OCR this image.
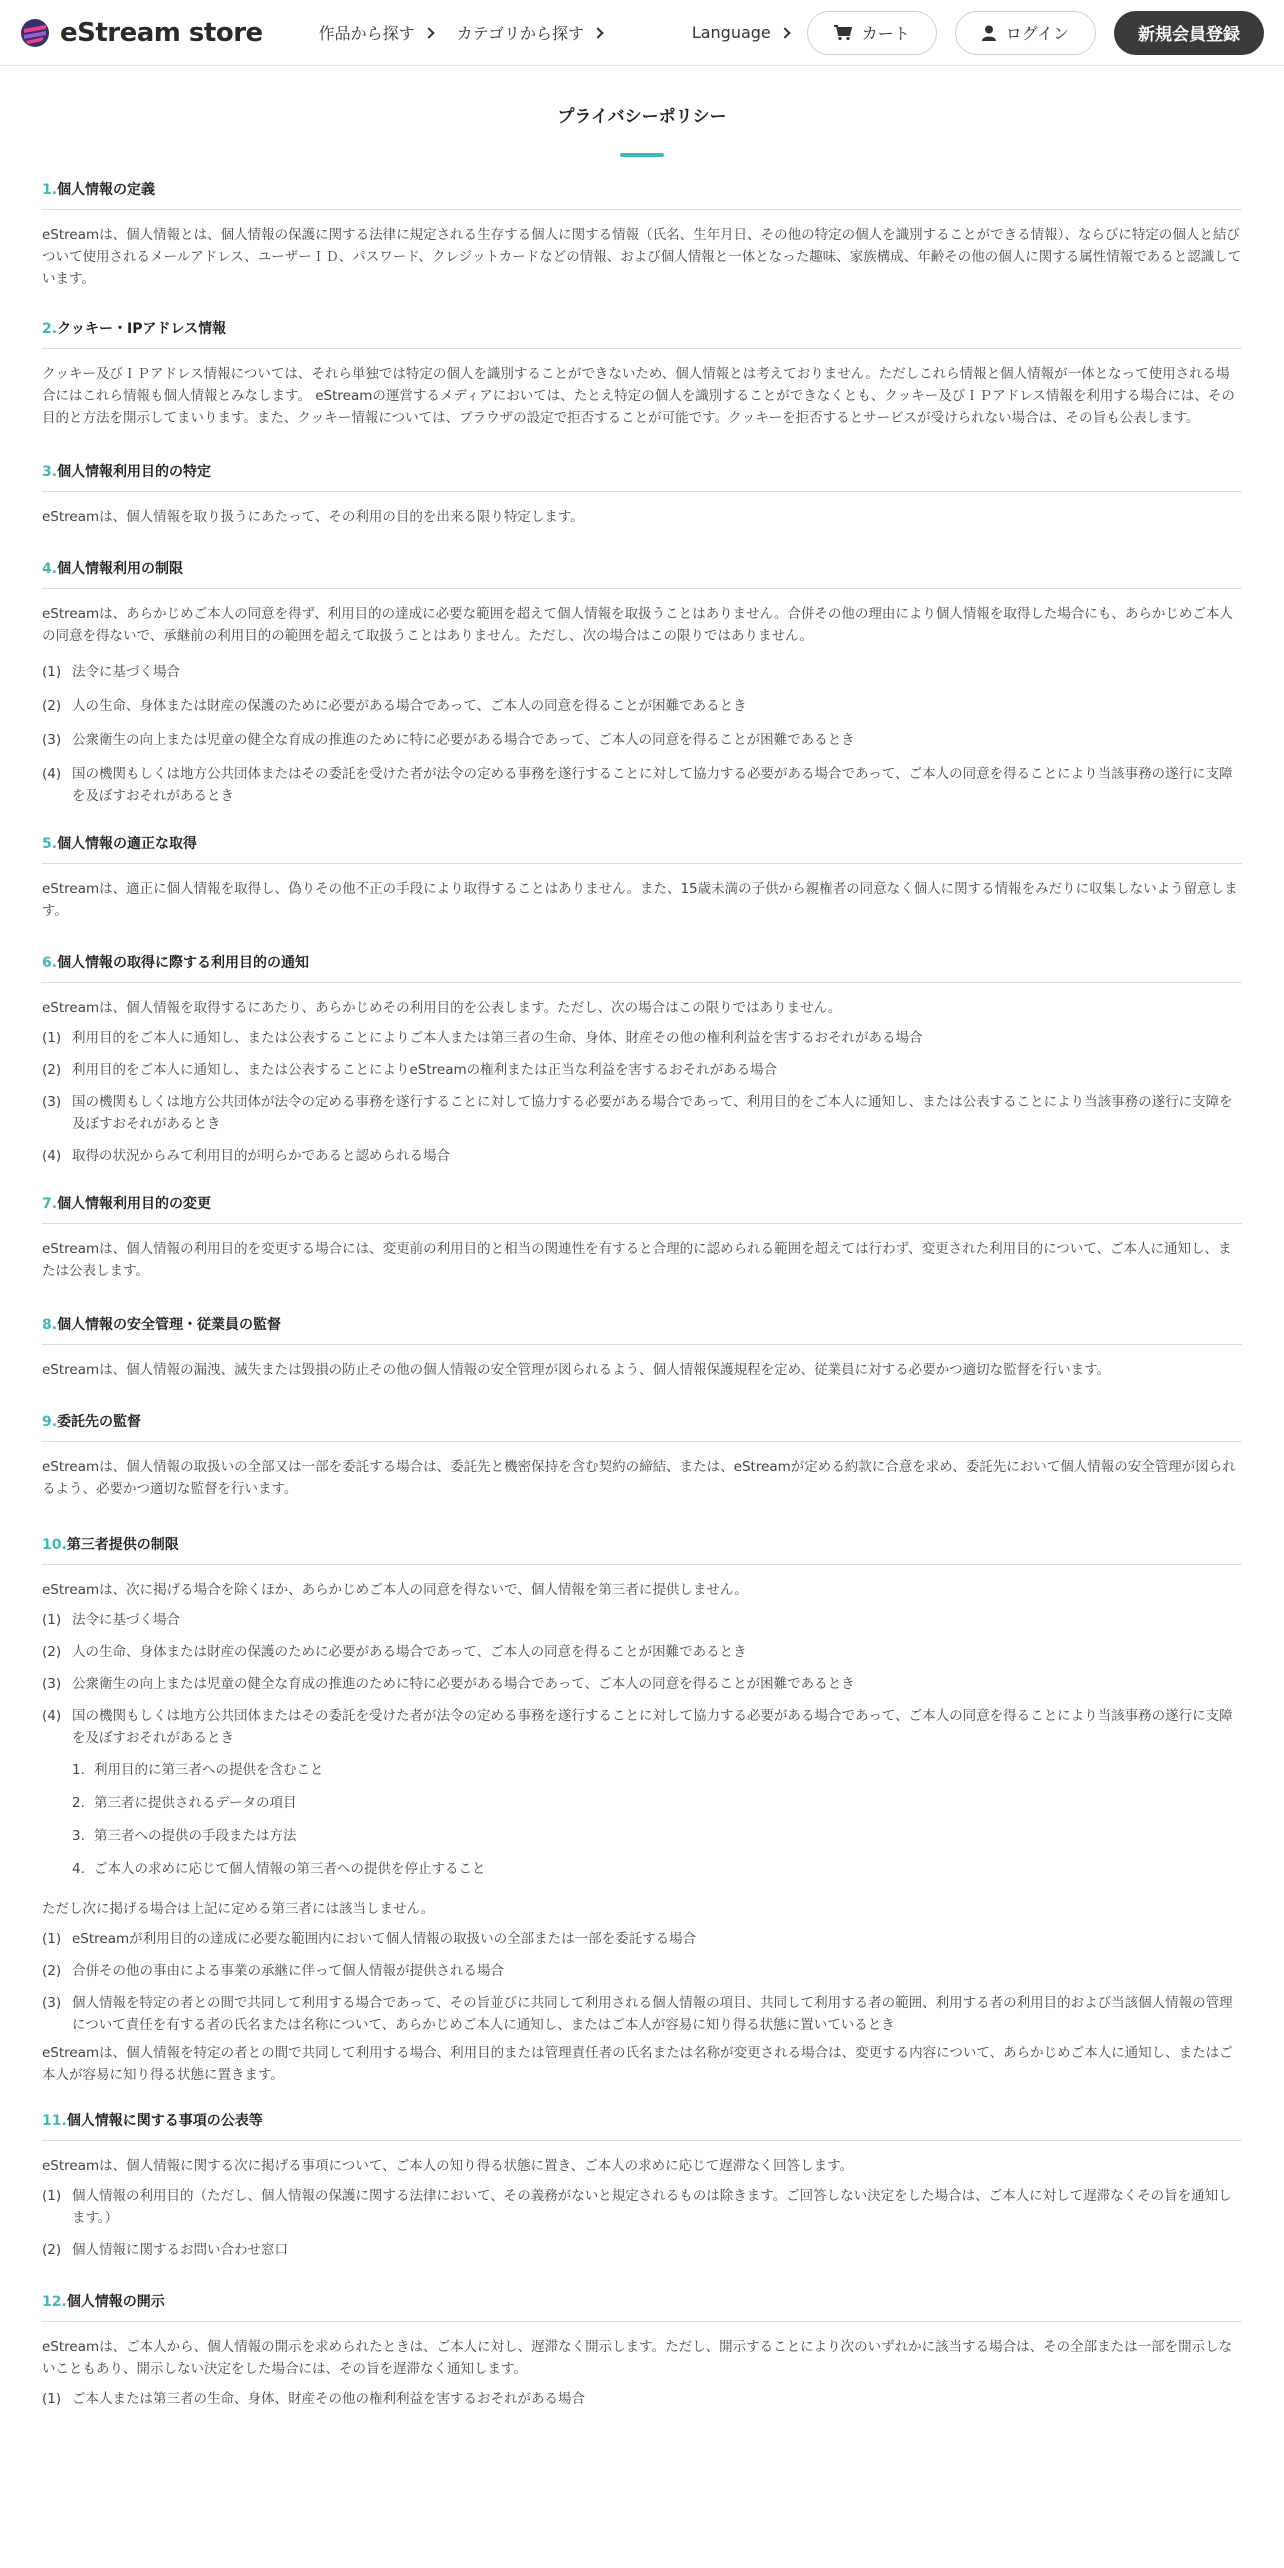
eStream store	作品から探す	カテゴリから探す	Language	カート	ログイン	新規会員登録
プライバシーポリシー
1.個人情報の定義

eStreamは、個人情報とは、個人情報の保護に関する法律に規定される生存する個人に関する情報（氏名、生年月日、その他の特定の個人を識別することができる情報）、ならびに特定の個人と結びついて使用されるメールアドレス、ユーザーＩＤ、パスワード、クレジットカードなどの情報、および個人情報と一体となった趣味、家族構成、年齢その他の個人に関する属性情報であると認識しています。

2.クッキー・IPアドレス情報

クッキー及びＩＰアドレス情報については、それら単独では特定の個人を識別することができないため、個人情報とは考えておりません。ただしこれら情報と個人情報が一体となって使用される場合にはこれら情報も個人情報とみなします。 eStreamの運営するメディアにおいては、たとえ特定の個人を識別することができなくとも、クッキー及びＩＰアドレス情報を利用する場合には、その目的と方法を開示してまいります。また、クッキー情報については、ブラウザの設定で拒否することが可能です。クッキーを拒否するとサービスが受けられない場合は、その旨も公表します。

3.個人情報利用目的の特定

eStreamは、個人情報を取り扱うにあたって、その利用の目的を出来る限り特定します。

4.個人情報利用の制限

eStreamは、あらかじめご本人の同意を得ず、利用目的の達成に必要な範囲を超えて個人情報を取扱うことはありません。合併その他の理由により個人情報を取得した場合にも、あらかじめご本人の同意を得ないで、承継前の利用目的の範囲を超えて取扱うことはありません。ただし、次の場合はこの限りではありません。

(1) 法令に基づく場合
(2) 人の生命、身体または財産の保護のために必要がある場合であって、ご本人の同意を得ることが困難であるとき
(3) 公衆衛生の向上または児童の健全な育成の推進のために特に必要がある場合であって、ご本人の同意を得ることが困難であるとき
(4) 国の機関もしくは地方公共団体またはその委託を受けた者が法令の定める事務を遂行することに対して協力する必要がある場合であって、ご本人の同意を得ることにより当該事務の遂行に支障を及ぼすおそれがあるとき
5.個人情報の適正な取得

eStreamは、適正に個人情報を取得し、偽りその他不正の手段により取得することはありません。また、15歳未満の子供から親権者の同意なく個人に関する情報をみだりに収集しないよう留意します。

6.個人情報の取得に際する利用目的の通知

eStreamは、個人情報を取得するにあたり、あらかじめその利用目的を公表します。ただし、次の場合はこの限りではありません。

(1) 利用目的をご本人に通知し、または公表することによりご本人または第三者の生命、身体、財産その他の権利利益を害するおそれがある場合
(2) 利用目的をご本人に通知し、または公表することによりeStreamの権利または正当な利益を害するおそれがある場合
(3) 国の機関もしくは地方公共団体が法令の定める事務を遂行することに対して協力する必要がある場合であって、利用目的をご本人に通知し、または公表することにより当該事務の遂行に支障を及ぼすおそれがあるとき
(4) 取得の状況からみて利用目的が明らかであると認められる場合
7.個人情報利用目的の変更

eStreamは、個人情報の利用目的を変更する場合には、変更前の利用目的と相当の関連性を有すると合理的に認められる範囲を超えては行わず、変更された利用目的について、ご本人に通知し、または公表します。

8.個人情報の安全管理・従業員の監督

eStreamは、個人情報の漏洩、滅失または毀損の防止その他の個人情報の安全管理が図られるよう、個人情報保護規程を定め、従業員に対する必要かつ適切な監督を行います。

9.委託先の監督

eStreamは、個人情報の取扱いの全部又は一部を委託する場合は、委託先と機密保持を含む契約の締結、または、eStreamが定める約款に合意を求め、委託先において個人情報の安全管理が図られるよう、必要かつ適切な監督を行います。

10.第三者提供の制限

eStreamは、次に掲げる場合を除くほか、あらかじめご本人の同意を得ないで、個人情報を第三者に提供しません。

(1) 法令に基づく場合
(2) 人の生命、身体または財産の保護のために必要がある場合であって、ご本人の同意を得ることが困難であるとき
(3) 公衆衛生の向上または児童の健全な育成の推進のために特に必要がある場合であって、ご本人の同意を得ることが困難であるとき
(4) 国の機関もしくは地方公共団体またはその委託を受けた者が法令の定める事務を遂行することに対して協力する必要がある場合であって、ご本人の同意を得ることにより当該事務の遂行に支障を及ぼすおそれがあるとき
1. 利用目的に第三者への提供を含むこと
2. 第三者に提供されるデータの項目
3. 第三者への提供の手段または方法
4. ご本人の求めに応じて個人情報の第三者への提供を停止すること

ただし次に掲げる場合は上記に定める第三者には該当しません。

(1) eStreamが利用目的の達成に必要な範囲内において個人情報の取扱いの全部または一部を委託する場合
(2) 合併その他の事由による事業の承継に伴って個人情報が提供される場合
(3) 個人情報を特定の者との間で共同して利用する場合であって、その旨並びに共同して利用される個人情報の項目、共同して利用する者の範囲、利用する者の利用目的および当該個人情報の管理について責任を有する者の氏名または名称について、あらかじめご本人に通知し、またはご本人が容易に知り得る状態に置いているとき

eStreamは、個人情報を特定の者との間で共同して利用する場合、利用目的または管理責任者の氏名または名称が変更される場合は、変更する内容について、あらかじめご本人に通知し、またはご本人が容易に知り得る状態に置きます。

11.個人情報に関する事項の公表等

eStreamは、個人情報に関する次に掲げる事項について、ご本人の知り得る状態に置き、ご本人の求めに応じて遅滞なく回答します。

(1) 個人情報の利用目的（ただし、個人情報の保護に関する法律において、その義務がないと規定されるものは除きます。ご回答しない決定をした場合は、ご本人に対して遅滞なくその旨を通知します。）
(2) 個人情報に関するお問い合わせ窓口
12.個人情報の開示

eStreamは、ご本人から、個人情報の開示を求められたときは、ご本人に対し、遅滞なく開示します。ただし、開示することにより次のいずれかに該当する場合は、その全部または一部を開示しないこともあり、開示しない決定をした場合には、その旨を遅滞なく通知します。

(1) ご本人または第三者の生命、身体、財産その他の権利利益を害するおそれがある場合
